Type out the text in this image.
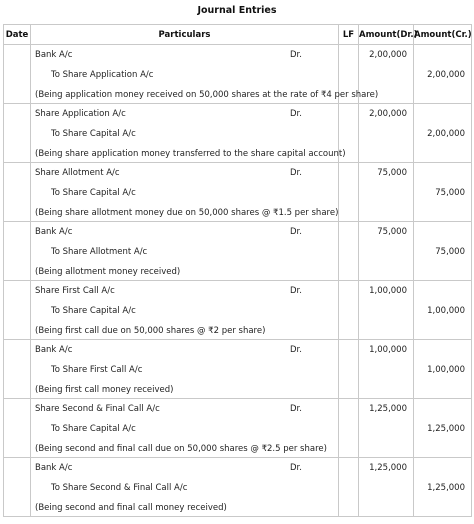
Journal Entries
Date	Particulars	LF	Amount(Dr.)	Amount(Cr.)

	Bank A/c Dr.
To Share Application A/c
(Being application money received on 50,000 shares at the rate of ₹4 per share)		2,00,000	2,00,000

	Share Application A/c Dr.
To Share Capital A/c
(Being share application money transferred to the share capital account)		2,00,000	2,00,000

	Share Allotment A/c Dr.
To Share Capital A/c
(Being share allotment money due on 50,000 shares @ ₹1.5 per share)		75,000	75,000

	Bank A/c Dr.
To Share Allotment A/c
(Being allotment money received)		75,000	75,000

	Share First Call A/c Dr.
To Share Capital A/c
(Being first call due on 50,000 shares @ ₹2 per share)		1,00,000	1,00,000

	Bank A/c Dr.
To Share First Call A/c
(Being first call money received)		1,00,000	1,00,000

	Share Second & Final Call A/c Dr.
To Share Capital A/c
(Being second and final call due on 50,000 shares @ ₹2.5 per share)		1,25,000	1,25,000

	Bank A/c Dr.
To Share Second & Final Call A/c
(Being second and final call money received)		1,25,000	1,25,000
